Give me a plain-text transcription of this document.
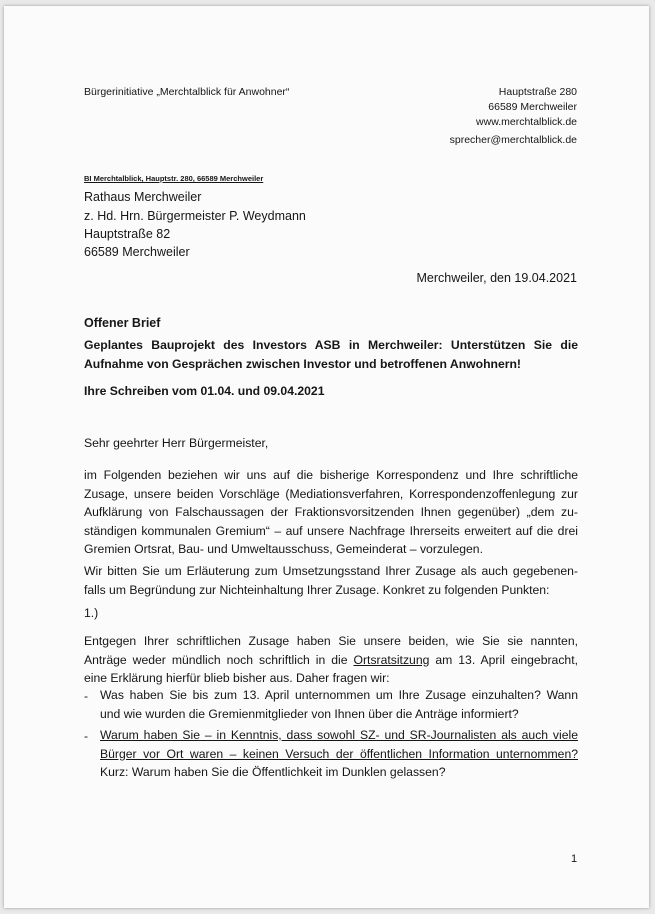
Bürgerinitiative „Merchtalblick für Anwohner“	Hauptstraße 280
66589 Merchweiler
www.merchtalblick.de
sprecher@merchtalblick.de
BI Merchtalblick, Hauptstr. 280, 66589 Merchweiler
Rathaus Merchweiler
z. Hd. Hrn. Bürgermeister P. Weydmann
Hauptstraße 82
66589 Merchweiler
Merchweiler, den 19.04.2021
Offener Brief
Geplantes Bauprojekt des Investors ASB in Merchweiler: Unterstützen Sie die
Aufnahme von Gesprächen zwischen Investor und betroffenen Anwohnern!
Ihre Schreiben vom 01.04. und 09.04.2021
Sehr geehrter Herr Bürgermeister,
im Folgenden beziehen wir uns auf die bisherige Korrespondenz und Ihre schriftliche
Zusage, unsere beiden Vorschläge (Mediationsverfahren, Korrespondenzoffenlegung zur
Aufklärung von Falschaussagen der Fraktionsvorsitzenden Ihnen gegenüber) „dem zu-
ständigen kommunalen Gremium“ – auf unsere Nachfrage Ihrerseits erweitert auf die drei
Gremien Ortsrat, Bau- und Umweltausschuss, Gemeinderat – vorzulegen.
Wir bitten Sie um Erläuterung zum Umsetzungsstand Ihrer Zusage als auch gegebenen-
falls um Begründung zur Nichteinhaltung Ihrer Zusage. Konkret zu folgenden Punkten:
1.)
Entgegen Ihrer schriftlichen Zusage haben Sie unsere beiden, wie Sie sie nannten,
Anträge weder mündlich noch schriftlich in die Ortsratsitzung am 13. April eingebracht,
eine Erklärung hierfür blieb bisher aus. Daher fragen wir:
- Was haben Sie bis zum 13. April unternommen um Ihre Zusage einzuhalten? Wann
und wie wurden die Gremienmitglieder von Ihnen über die Anträge informiert?
- Warum haben Sie – in Kenntnis, dass sowohl SZ- und SR-Journalisten als auch viele
Bürger vor Ort waren – keinen Versuch der öffentlichen Information unternommen?
Kurz: Warum haben Sie die Öffentlichkeit im Dunklen gelassen?
1
